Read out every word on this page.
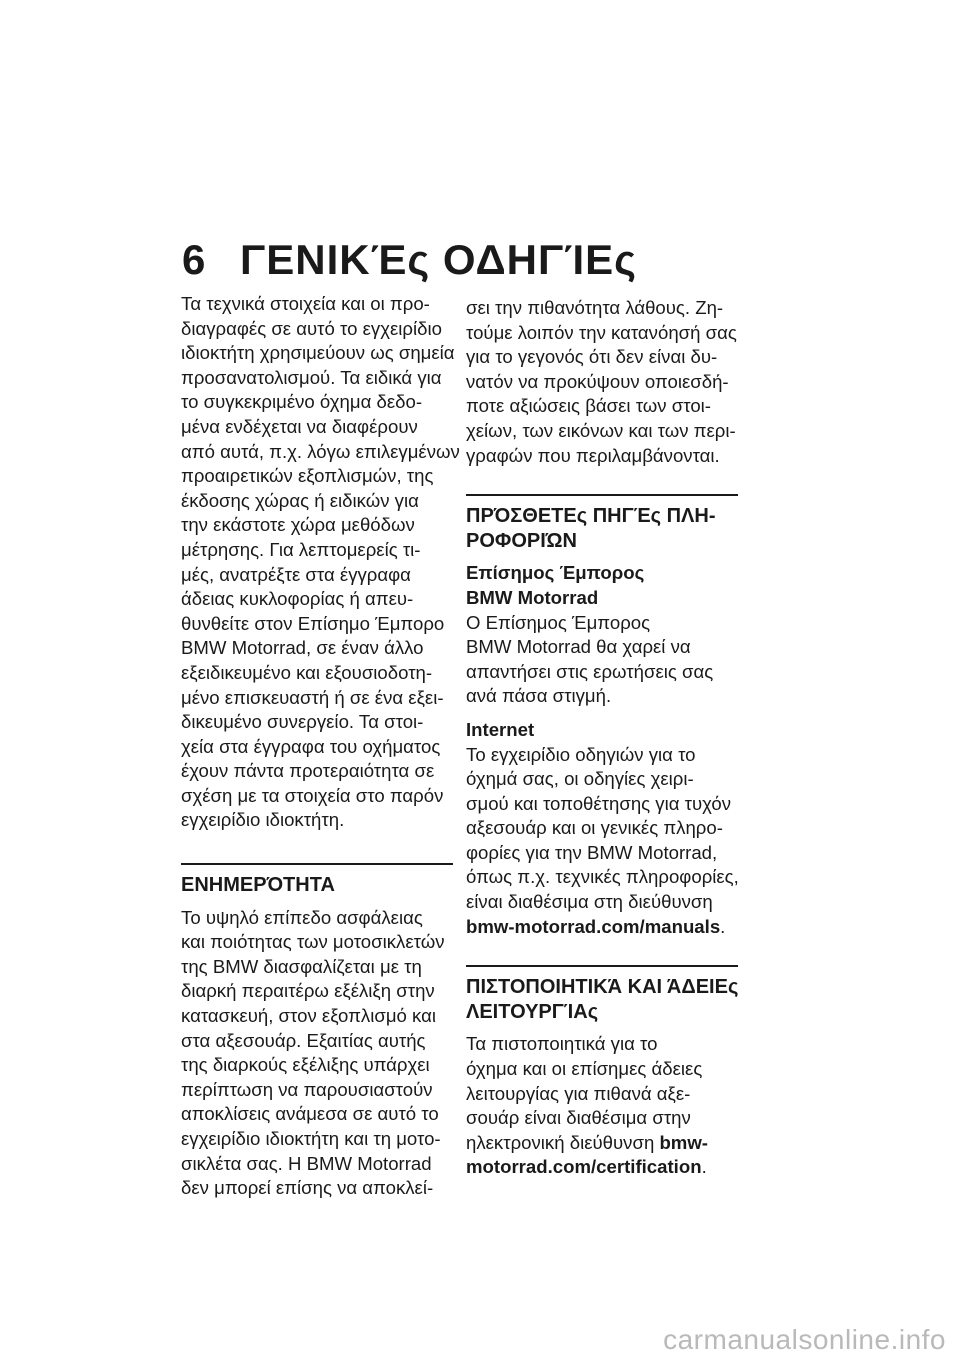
6 ΓΕΝΙΚΈς ΟΔΗΓΊΕς
Τα τεχνικά στοιχεία και οι προ-
διαγραφές σε αυτό το εγχειρίδιο
ιδιοκτήτη χρησιμεύουν ως σημεία
προσανατολισμού. Τα ειδικά για
το συγκεκριμένο όχημα δεδο-
μένα ενδέχεται να διαφέρουν
από αυτά, π.χ. λόγω επιλεγμένων
προαιρετικών εξοπλισμών, της
έκδοσης χώρας ή ειδικών για
την εκάστοτε χώρα μεθόδων
μέτρησης. Για λεπτομερείς τι-
μές, ανατρέξτε στα έγγραφα
άδειας κυκλοφορίας ή απευ-
θυνθείτε στον Επίσημο Έμπορο
BMW Motorrad, σε έναν άλλο
εξειδικευμένο και εξουσιοδοτη-
μένο επισκευαστή ή σε ένα εξει-
δικευμένο συνεργείο. Τα στοι-
χεία στα έγγραφα του οχήματος
έχουν πάντα προτεραιότητα σε
σχέση με τα στοιχεία στο παρόν
εγχειρίδιο ιδιοκτήτη.
ΕΝΗΜΕΡΌΤΗΤΑ
Το υψηλό επίπεδο ασφάλειας
και ποιότητας των μοτοσικλετών
της BMW διασφαλίζεται με τη
διαρκή περαιτέρω εξέλιξη στην
κατασκευή, στον εξοπλισμό και
στα αξεσουάρ. Εξαιτίας αυτής
της διαρκούς εξέλιξης υπάρχει
περίπτωση να παρουσιαστούν
αποκλίσεις ανάμεσα σε αυτό το
εγχειρίδιο ιδιοκτήτη και τη μοτο-
σικλέτα σας. Η BMW Motorrad
δεν μπορεί επίσης να αποκλεί-
σει την πιθανότητα λάθους. Ζη-
τούμε λοιπόν την κατανόησή σας
για το γεγονός ότι δεν είναι δυ-
νατόν να προκύψουν οποιεσδή-
ποτε αξιώσεις βάσει των στοι-
χείων, των εικόνων και των περι-
γραφών που περιλαμβάνονται.
ΠΡΌΣΘΕΤΕς ΠΗΓΈς ΠΛΗ-
ΡΟΦΟΡΙΏΝ
Επίσημος Έμπορος
BMW Motorrad
Ο Επίσημος Έμπορος
BMW Motorrad θα χαρεί να
απαντήσει στις ερωτήσεις σας
ανά πάσα στιγμή.
Internet
Το εγχειρίδιο οδηγιών για το
όχημά σας, οι οδηγίες χειρι-
σμού και τοποθέτησης για τυχόν
αξεσουάρ και οι γενικές πληρο-
φορίες για την BMW Motorrad,
όπως π.χ. τεχνικές πληροφορίες,
είναι διαθέσιμα στη διεύθυνση
bmw-motorrad.com/manuals.
ΠΙΣΤΟΠΟΙΗΤΙΚΆ ΚΑΙ ΆΔΕΙΕς
ΛΕΙΤΟΥΡΓΊΑς
Τα πιστοποιητικά για το
όχημα και οι επίσημες άδειες
λειτουργίας για πιθανά αξε-
σουάρ είναι διαθέσιμα στην
ηλεκτρονική διεύθυνση bmw-
motorrad.com/certification.
carmanualsonline.info
